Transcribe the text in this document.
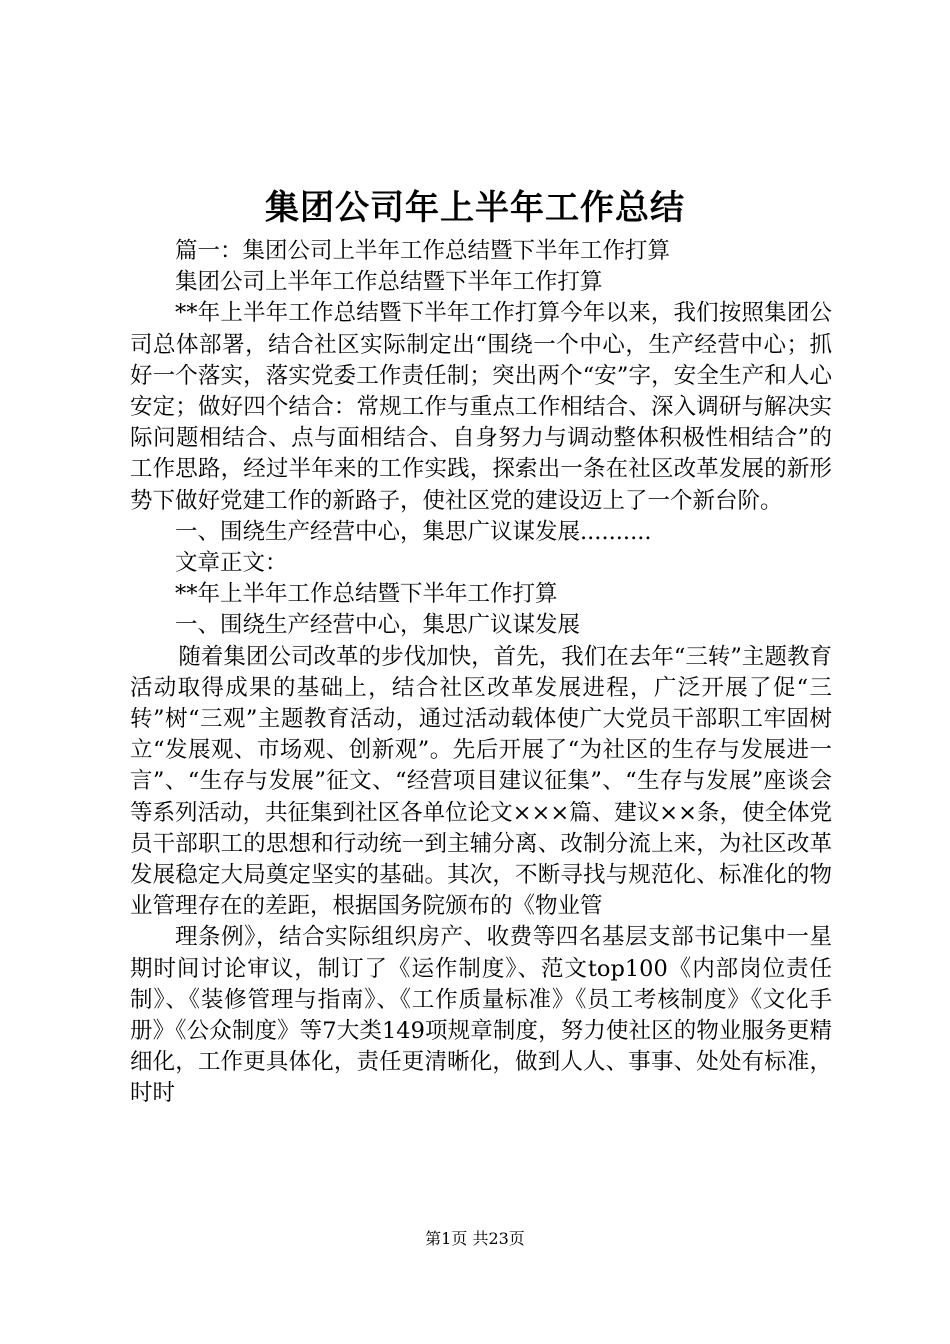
集团公司年上半年工作总结

篇一：集团公司上半年工作总结暨下半年工作打算

集团公司上半年工作总结暨下半年工作打算

**年上半年工作总结暨下半年工作打算今年以来，我们按照集团公司总体部署，结合社区实际制定出“围绕一个中心，生产经营中心；抓好一个落实，落实党委工作责任制；突出两个“安”字，安全生产和人心安定；做好四个结合：常规工作与重点工作相结合、深入调研与解决实际问题相结合、点与面相结合、自身努力与调动整体积极性相结合”的工作思路，经过半年来的工作实践，探索出一条在社区改革发展的新形势下做好党建工作的新路子，使社区党的建设迈上了一个新台阶。

一、围绕生产经营中心，集思广议谋发展..........

文章正文：

**年上半年工作总结暨下半年工作打算

一、围绕生产经营中心，集思广议谋发展

随着集团公司改革的步伐加快，首先，我们在去年“三转”主题教育活动取得成果的基础上，结合社区改革发展进程，广泛开展了促“三转”树“三观”主题教育活动，通过活动载体使广大党员干部职工牢固树立“发展观、市场观、创新观”。先后开展了“为社区的生存与发展进一言”、“生存与发展”征文、“经营项目建议征集”、“生存与发展”座谈会等系列活动，共征集到社区各单位论文×××篇、建议××条，使全体党员干部职工的思想和行动统一到主辅分离、改制分流上来，为社区改革发展稳定大局奠定坚实的基础。其次，不断寻找与规范化、标准化的物业管理存在的差距，根据国务院颁布的《物业管

理条例》，结合实际组织房产、收费等四名基层支部书记集中一星期时间讨论审议，制订了《运作制度》、范文top100《内部岗位责任制》、《装修管理与指南》、《工作质量标准》《员工考核制度》《文化手册》《公众制度》等7大类149项规章制度，努力使社区的物业服务更精细化，工作更具体化，责任更清晰化，做到人人、事事、处处有标准，时时

第1页 共23页
